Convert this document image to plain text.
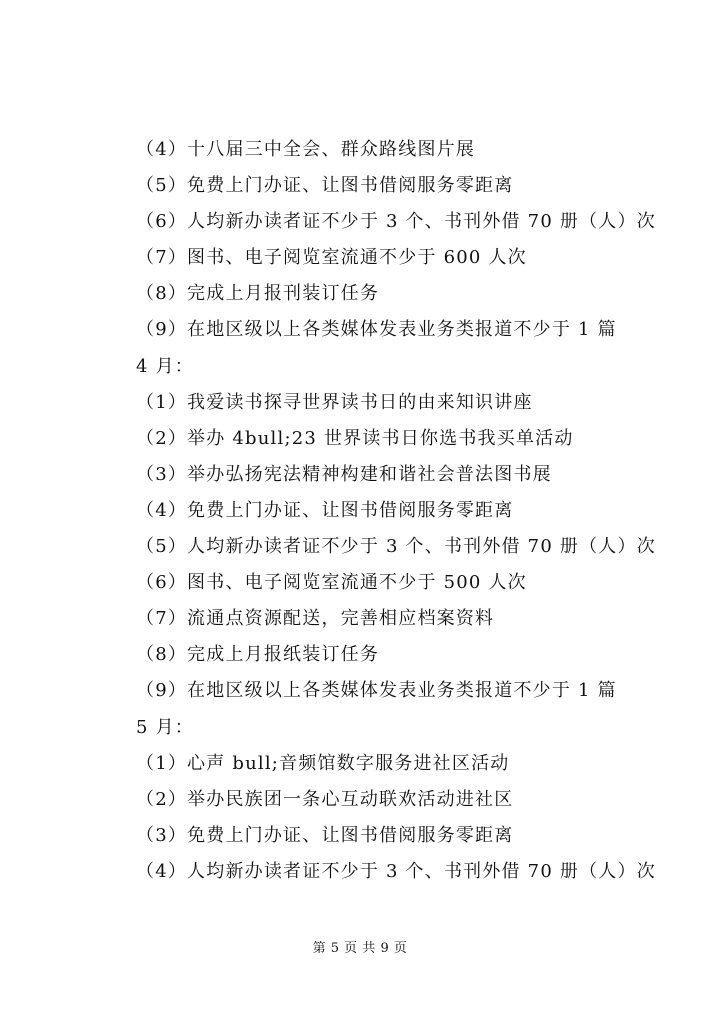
（4）十八届三中全会、群众路线图片展
（5）免费上门办证、让图书借阅服务零距离
（6）人均新办读者证不少于 3 个、书刊外借 70 册（人）次
（7）图书、电子阅览室流通不少于 600 人次
（8）完成上月报刊装订任务
（9）在地区级以上各类媒体发表业务类报道不少于 1 篇
4 月：
（1）我爱读书探寻世界读书日的由来知识讲座
（2）举办 4bull;23 世界读书日你选书我买单活动
（3）举办弘扬宪法精神构建和谐社会普法图书展
（4）免费上门办证、让图书借阅服务零距离
（5）人均新办读者证不少于 3 个、书刊外借 70 册（人）次
（6）图书、电子阅览室流通不少于 500 人次
（7）流通点资源配送，完善相应档案资料
（8）完成上月报纸装订任务
（9）在地区级以上各类媒体发表业务类报道不少于 1 篇
5 月：
（1）心声 bull;音频馆数字服务进社区活动
（2）举办民族团一条心互动联欢活动进社区
（3）免费上门办证、让图书借阅服务零距离
（4）人均新办读者证不少于 3 个、书刊外借 70 册（人）次
第 5 页 共 9 页
